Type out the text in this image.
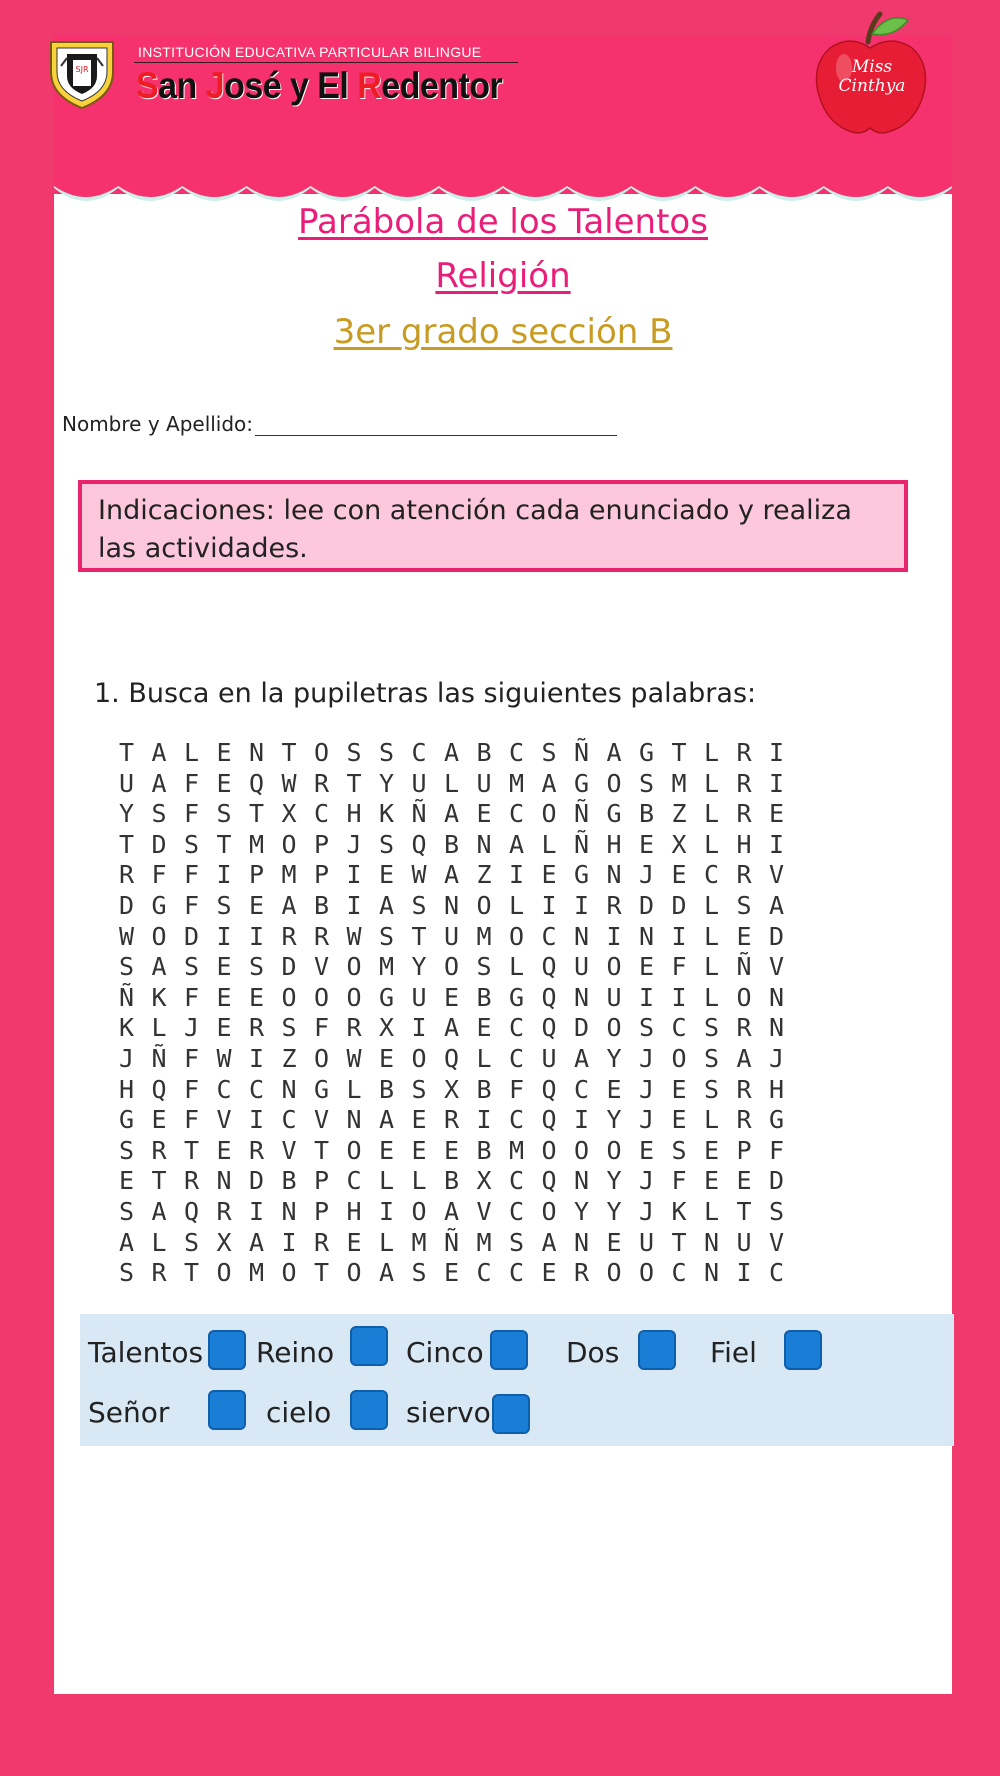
SJR
INSTITUCIÓN EDUCATIVA PARTICULAR BILINGUE
San José y El Redentor	Miss
Cinthya
Parábola de los Talentos
Religión
3er grado sección B
Nombre y Apellido:
Indicaciones: lee con atención cada enunciado y realiza las actividades.
1. Busca en la pupiletras las siguientes palabras:
T A L E N T O S S C A B C S Ñ A G T L R I
U A F E Q W R T Y U L U M A G O S M L R I
Y S F S T X C H K Ñ A E C O Ñ G B Z L R E
T D S T M O P J S Q B N A L Ñ H E X L H I
R F F I P M P I E W A Z I E G N J E C R V
D G F S E A B I A S N O L I I R D D L S A
W O D I I R R W S T U M O C N I N I L E D
S A S E S D V O M Y O S L Q U O E F L Ñ V
Ñ K F E E O O O G U E B G Q N U I I L O N
K L J E R S F R X I A E C Q D O S C S R N
J Ñ F W I Z O W E O Q L C U A Y J O S A J
H Q F C C N G L B S X B F Q C E J E S R H
G E F V I C V N A E R I C Q I Y J E L R G
S R T E R V T O E E E B M O O O E S E P F
E T R N D B P C L L B X C Q N Y J F E E D
S A Q R I N P H I O A V C O Y Y J K L T S
A L S X A I R E L M Ñ M S A N E U T N U V
S R T O M O T O A S E C C E R O O C N I C
Talentos Reino	Cinco	Dos	Fiel
Señor	cielo	siervo
